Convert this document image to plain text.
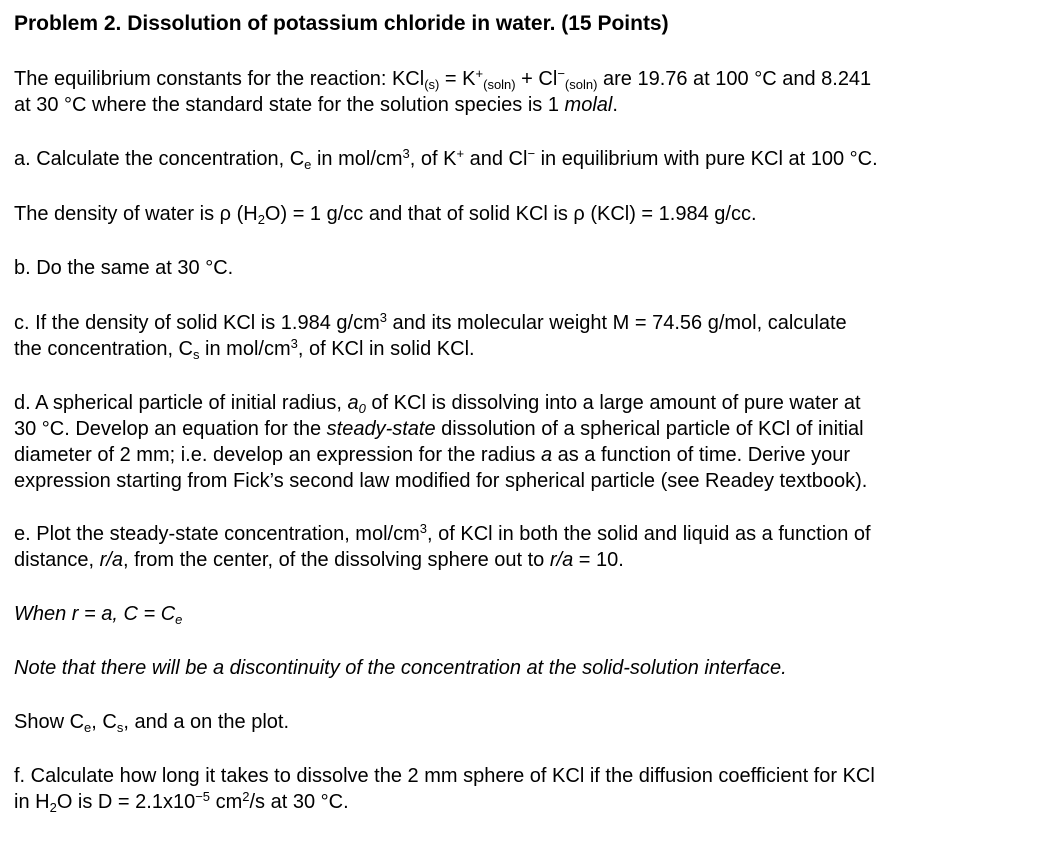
Problem 2. Dissolution of potassium chloride in water. (15 Points)

The equilibrium constants for the reaction: $KCl_{(s)} = K^+_{(soln)} + Cl^-_{(soln)}$ are 19.76 at 100 °C and 8.241
at 30 °C where the standard state for the solution species is 1 molal.

a. Calculate the concentration, $C_e$ in mol/$cm^3$, of K+ and Cl− in equilibrium with pure KCl at 100 °C.

The density of water is ρ $(H_2O) = 1$ g/cc and that of solid KCl is ρ (KCl) = 1.984 g/cc.

b. Do the same at 30 °C.

c. If the density of solid KCl is 1.984 $g/cm^3$ and its molecular weight M = 74.56 g/mol, calculate
the concentration, $C_s$ in mol/$cm^3$, of KCl in solid KCl.

d. A spherical particle of initial radius, $a_0$ of KCl is dissolving into a large amount of pure water at
30 °C. Develop an equation for the steady-state dissolution of a spherical particle of KCl of initial
diameter of 2 mm; i.e. develop an expression for the radius a as a function of time. Derive your
expression starting from Fick’s second law modified for spherical particle (see Readey textbook).

e. Plot the steady-state concentration, mol/$cm^3$, of KCl in both the solid and liquid as a function of
distance, r/a, from the center, of the dissolving sphere out to r/a = 10.

When r = a, $C = C_e$

Note that there will be a discontinuity of the concentration at the solid-solution interface.

Show $C_e$, $C_s$, and a on the plot.

f. Calculate how long it takes to dissolve the 2 mm sphere of KCl if the diffusion coefficient for KCl
in $H_2O$ is $D = 2.1x10^{-5}$ $cm^2/s$ at 30 °C.
